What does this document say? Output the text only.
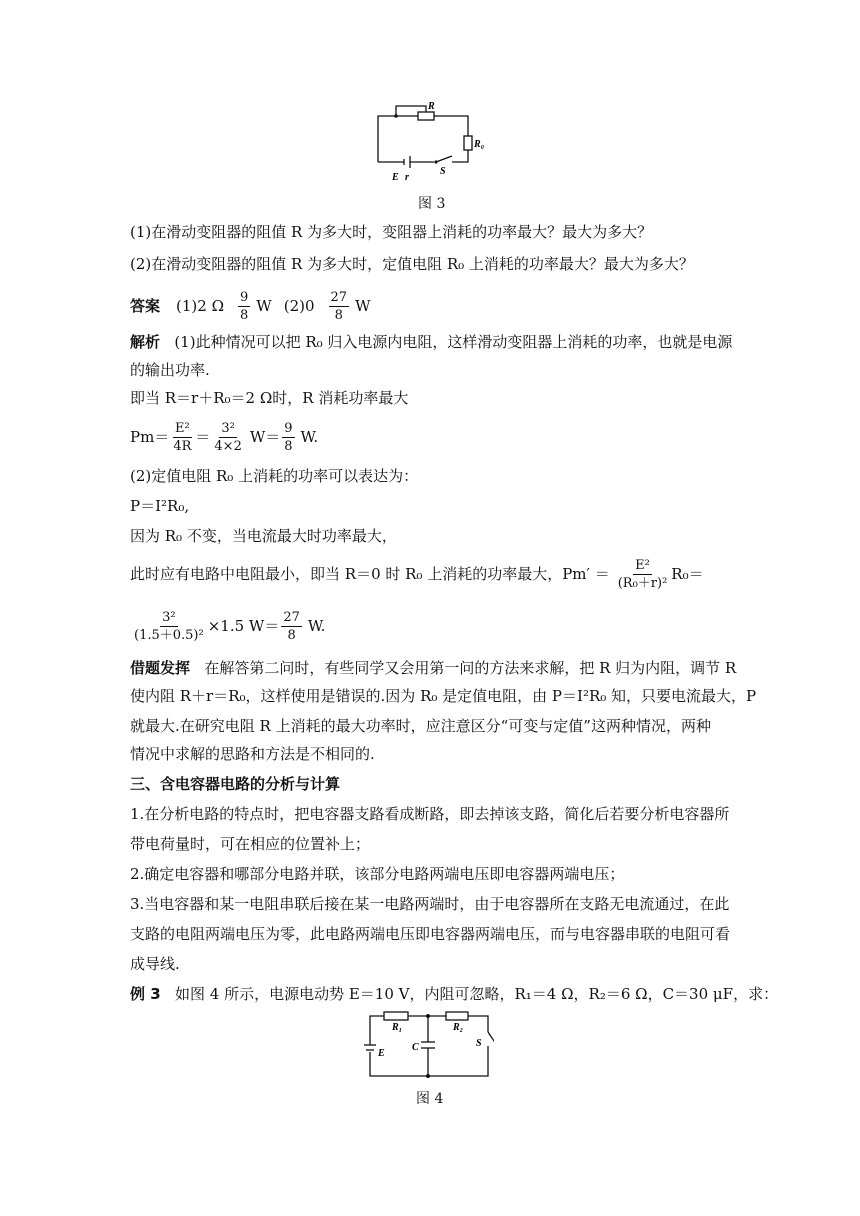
R
R₀
E r
S
图 3
(1)在滑动变阻器的阻值 R 为多大时，变阻器上消耗的功率最大？最大为多大？
(2)在滑动变阻器的阻值 R 为多大时，定值电阻 R₀ 上消耗的功率最大？最大为多大？
答案 (1)2 Ω $\frac{9}{8}$ W $(2)0 \frac{27}{8}$ W
解析 (1)此种情况可以把 R₀ 归入电源内电阻，这样滑动变阻器上消耗的功率，也就是电源
的输出功率.
即当 R＝r＋R₀＝2 Ω时，R 消耗功率最大
$Pm= \frac{\text{E²}}{4R} = \frac{\text{3²}}{4\times 2} W= \frac{9}{8} W$.
(2)定值电阻 R₀ 上消耗的功率可以表达为：
P＝I²R₀,
因为 R₀ 不变，当电流最大时功率最大，
此时应有电路中电阻最小，即当 R＝0 时 R₀ 上消耗的功率最大，$Pm' = \frac{\text{E²}}{\text{(R₀＋r)²}} R_0=$
$\frac{\text{3²}}{\text{(1.5＋0.5)²}} \times 1.5$ $W= \frac{27}{8} W$.
借题发挥 在解答第二问时，有些同学又会用第一问的方法来求解，把 R 归为内阻，调节 R
使内阻 R＋r＝R₀，这样使用是错误的.因为 R₀ 是定值电阻，由 P＝I²R₀ 知，只要电流最大，P
就最大.在研究电阻 R 上消耗的最大功率时，应注意区分“可变与定值”这两种情况，两种
情况中求解的思路和方法是不相同的.
三、含电容器电路的分析与计算
1.在分析电路的特点时，把电容器支路看成断路，即去掉该支路，简化后若要分析电容器所
带电荷量时，可在相应的位置补上；
2.确定电容器和哪部分电路并联，该部分电路两端电压即电容器两端电压；
3.当电容器和某一电阻串联后接在某一电路两端时，由于电容器所在支路无电流通过，在此
支路的电阻两端电压为零，此电路两端电压即电容器两端电压，而与电容器串联的电阻可看
成导线.
例 3 如图 4 所示，电源电动势 E＝10 V，内阻可忽略，R₁＝4 Ω，R₂＝6 Ω，C＝30 μF，求：
R₁	R₂
C
E
S
图 4
